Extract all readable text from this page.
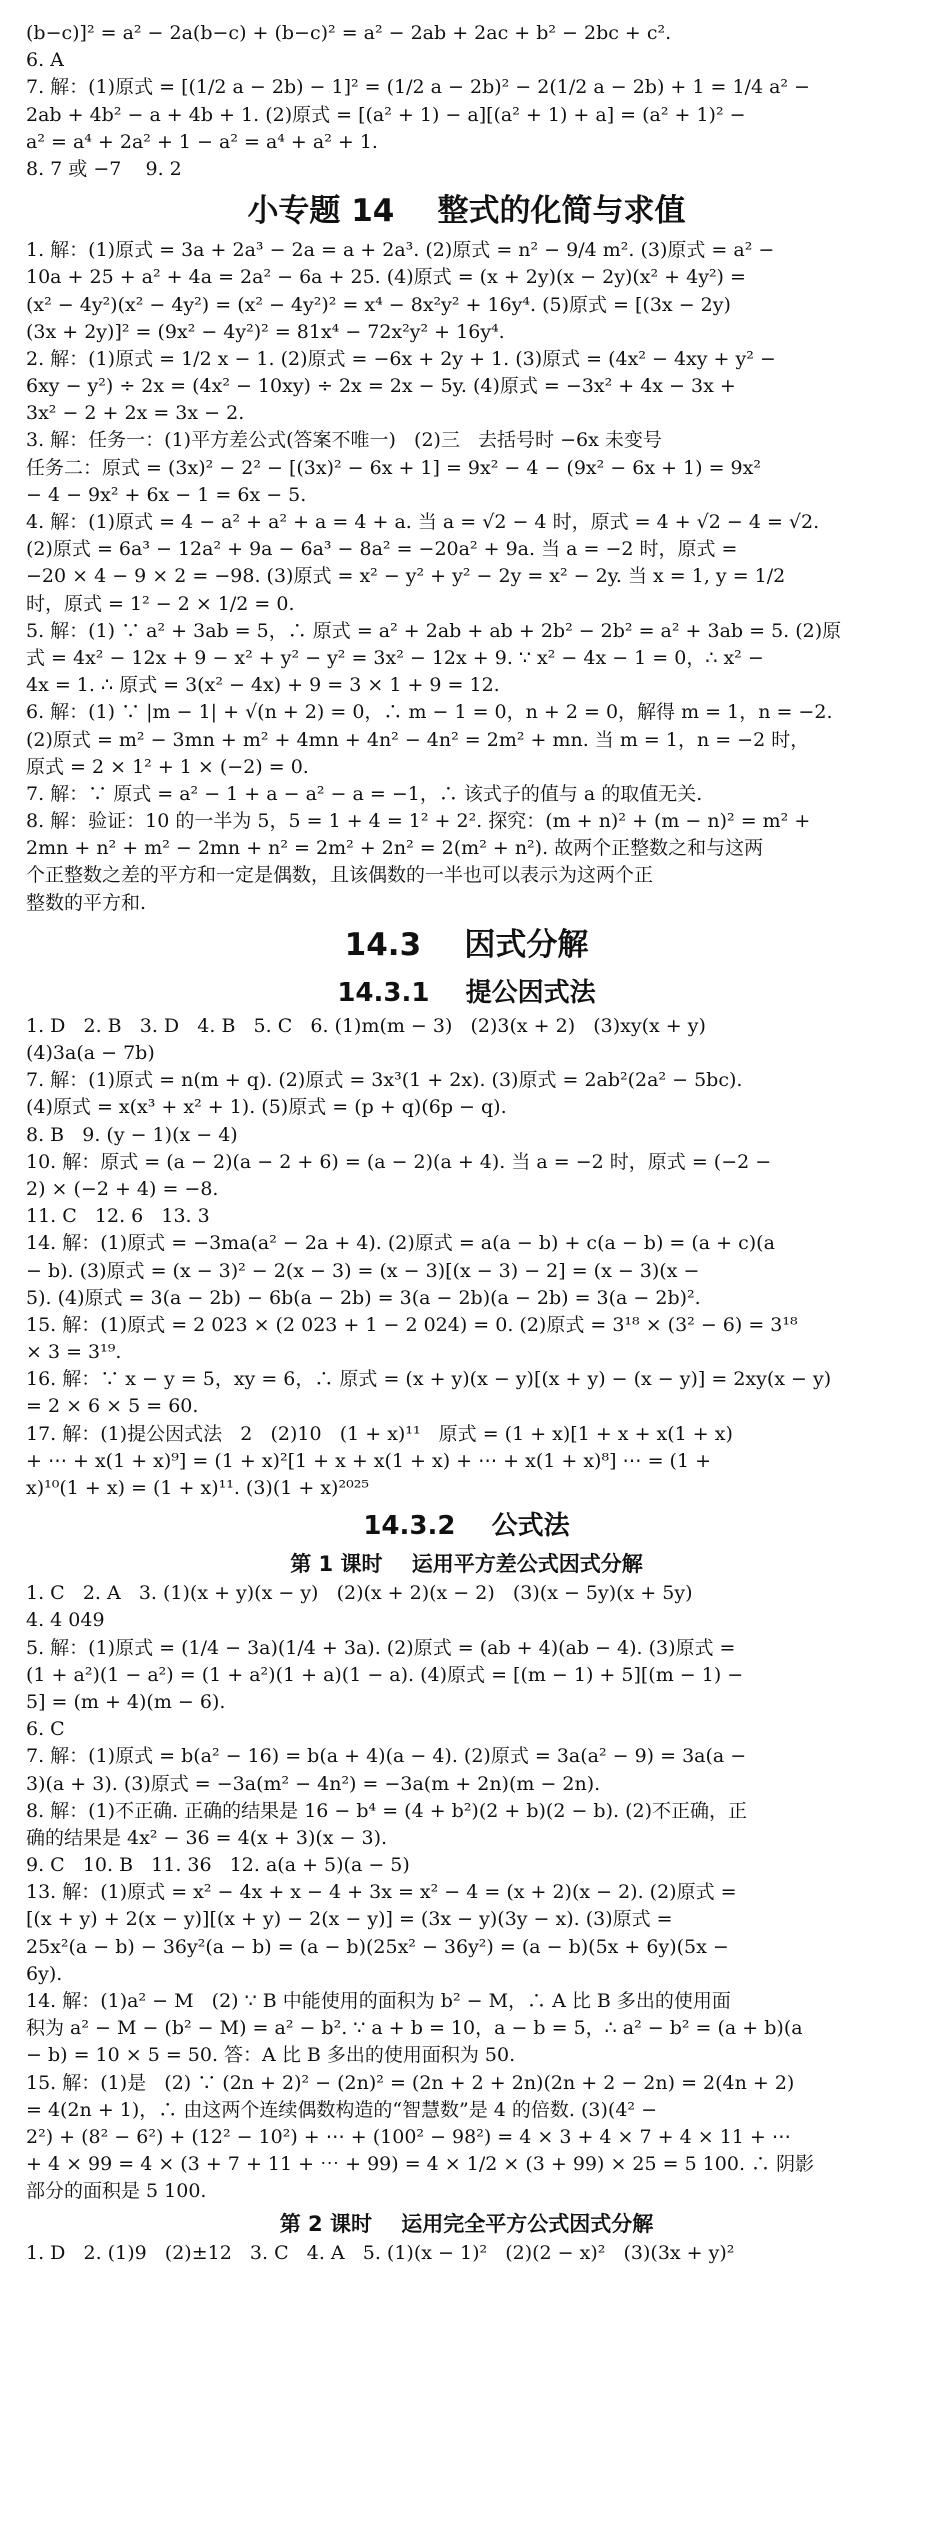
(b−c)]² = a² − 2a(b−c) + (b−c)² = a² − 2ab + 2ac + b² − 2bc + c².
6. A
7. 解：(1)原式 = [(1/2 a − 2b) − 1]² = (1/2 a − 2b)² − 2(1/2 a − 2b) + 1 = 1/4 a² −
2ab + 4b² − a + 4b + 1. (2)原式 = [(a² + 1) − a][(a² + 1) + a] = (a² + 1)² −
a² = a⁴ + 2a² + 1 − a² = a⁴ + a² + 1.
8. 7 或 −7    9. 2
小专题 14    整式的化简与求值
1. 解：(1)原式 = 3a + 2a³ − 2a = a + 2a³. (2)原式 = n² − 9/4 m². (3)原式 = a² −
10a + 25 + a² + 4a = 2a² − 6a + 25. (4)原式 = (x + 2y)(x − 2y)(x² + 4y²) =
(x² − 4y²)(x² − 4y²) = (x² − 4y²)² = x⁴ − 8x²y² + 16y⁴. (5)原式 = [(3x − 2y)
(3x + 2y)]² = (9x² − 4y²)² = 81x⁴ − 72x²y² + 16y⁴.
2. 解：(1)原式 = 1/2 x − 1. (2)原式 = −6x + 2y + 1. (3)原式 = (4x² − 4xy + y² −
6xy − y²) ÷ 2x = (4x² − 10xy) ÷ 2x = 2x − 5y. (4)原式 = −3x² + 4x − 3x +
3x² − 2 + 2x = 3x − 2.
3. 解：任务一：(1)平方差公式(答案不唯一)   (2)三   去括号时 −6x 未变号
任务二：原式 = (3x)² − 2² − [(3x)² − 6x + 1] = 9x² − 4 − (9x² − 6x + 1) = 9x²
− 4 − 9x² + 6x − 1 = 6x − 5.
4. 解：(1)原式 = 4 − a² + a² + a = 4 + a. 当 a = √2 − 4 时，原式 = 4 + √2 − 4 = √2.
(2)原式 = 6a³ − 12a² + 9a − 6a³ − 8a² = −20a² + 9a. 当 a = −2 时，原式 =
−20 × 4 − 9 × 2 = −98. (3)原式 = x² − y² + y² − 2y = x² − 2y. 当 x = 1, y = 1/2
时，原式 = 1² − 2 × 1/2 = 0.
5. 解：(1) ∵ a² + 3ab = 5，∴ 原式 = a² + 2ab + ab + 2b² − 2b² = a² + 3ab = 5. (2)原
式 = 4x² − 12x + 9 − x² + y² − y² = 3x² − 12x + 9. ∵ x² − 4x − 1 = 0，∴ x² −
4x = 1. ∴ 原式 = 3(x² − 4x) + 9 = 3 × 1 + 9 = 12.
6. 解：(1) ∵ |m − 1| + √(n + 2) = 0，∴ m − 1 = 0，n + 2 = 0，解得 m = 1，n = −2.
(2)原式 = m² − 3mn + m² + 4mn + 4n² − 4n² = 2m² + mn. 当 m = 1，n = −2 时，
原式 = 2 × 1² + 1 × (−2) = 0.
7. 解：∵ 原式 = a² − 1 + a − a² − a = −1，∴ 该式子的值与 a 的取值无关.
8. 解：验证：10 的一半为 5，5 = 1 + 4 = 1² + 2². 探究：(m + n)² + (m − n)² = m² +
2mn + n² + m² − 2mn + n² = 2m² + 2n² = 2(m² + n²). 故两个正整数之和与这两
个正整数之差的平方和一定是偶数，且该偶数的一半也可以表示为这两个正
整数的平方和.
14.3    因式分解
14.3.1    提公因式法
1. D   2. B   3. D   4. B   5. C   6. (1)m(m − 3)   (2)3(x + 2)   (3)xy(x + y)
(4)3a(a − 7b)
7. 解：(1)原式 = n(m + q). (2)原式 = 3x³(1 + 2x). (3)原式 = 2ab²(2a² − 5bc).
(4)原式 = x(x³ + x² + 1). (5)原式 = (p + q)(6p − q).
8. B   9. (y − 1)(x − 4)
10. 解：原式 = (a − 2)(a − 2 + 6) = (a − 2)(a + 4). 当 a = −2 时，原式 = (−2 −
2) × (−2 + 4) = −8.
11. C   12. 6   13. 3
14. 解：(1)原式 = −3ma(a² − 2a + 4). (2)原式 = a(a − b) + c(a − b) = (a + c)(a
− b). (3)原式 = (x − 3)² − 2(x − 3) = (x − 3)[(x − 3) − 2] = (x − 3)(x −
5). (4)原式 = 3(a − 2b) − 6b(a − 2b) = 3(a − 2b)(a − 2b) = 3(a − 2b)².
15. 解：(1)原式 = 2 023 × (2 023 + 1 − 2 024) = 0. (2)原式 = 3¹⁸ × (3² − 6) = 3¹⁸
× 3 = 3¹⁹.
16. 解：∵ x − y = 5，xy = 6，∴ 原式 = (x + y)(x − y)[(x + y) − (x − y)] = 2xy(x − y)
= 2 × 6 × 5 = 60.
17. 解：(1)提公因式法   2   (2)10   (1 + x)¹¹   原式 = (1 + x)[1 + x + x(1 + x)
+ ⋯ + x(1 + x)⁹] = (1 + x)²[1 + x + x(1 + x) + ⋯ + x(1 + x)⁸] ⋯ = (1 +
x)¹⁰(1 + x) = (1 + x)¹¹. (3)(1 + x)²⁰²⁵
14.3.2    公式法
第 1 课时    运用平方差公式因式分解
1. C   2. A   3. (1)(x + y)(x − y)   (2)(x + 2)(x − 2)   (3)(x − 5y)(x + 5y)
4. 4 049
5. 解：(1)原式 = (1/4 − 3a)(1/4 + 3a). (2)原式 = (ab + 4)(ab − 4). (3)原式 =
(1 + a²)(1 − a²) = (1 + a²)(1 + a)(1 − a). (4)原式 = [(m − 1) + 5][(m − 1) −
5] = (m + 4)(m − 6).
6. C
7. 解：(1)原式 = b(a² − 16) = b(a + 4)(a − 4). (2)原式 = 3a(a² − 9) = 3a(a −
3)(a + 3). (3)原式 = −3a(m² − 4n²) = −3a(m + 2n)(m − 2n).
8. 解：(1)不正确. 正确的结果是 16 − b⁴ = (4 + b²)(2 + b)(2 − b). (2)不正确，正
确的结果是 4x² − 36 = 4(x + 3)(x − 3).
9. C   10. B   11. 36   12. a(a + 5)(a − 5)
13. 解：(1)原式 = x² − 4x + x − 4 + 3x = x² − 4 = (x + 2)(x − 2). (2)原式 =
[(x + y) + 2(x − y)][(x + y) − 2(x − y)] = (3x − y)(3y − x). (3)原式 =
25x²(a − b) − 36y²(a − b) = (a − b)(25x² − 36y²) = (a − b)(5x + 6y)(5x −
6y).
14. 解：(1)a² − M   (2) ∵ B 中能使用的面积为 b² − M，∴ A 比 B 多出的使用面
积为 a² − M − (b² − M) = a² − b². ∵ a + b = 10，a − b = 5，∴ a² − b² = (a + b)(a
− b) = 10 × 5 = 50. 答：A 比 B 多出的使用面积为 50.
15. 解：(1)是   (2) ∵ (2n + 2)² − (2n)² = (2n + 2 + 2n)(2n + 2 − 2n) = 2(4n + 2)
= 4(2n + 1)，∴ 由这两个连续偶数构造的“智慧数”是 4 的倍数. (3)(4² −
2²) + (8² − 6²) + (12² − 10²) + ⋯ + (100² − 98²) = 4 × 3 + 4 × 7 + 4 × 11 + ⋯
+ 4 × 99 = 4 × (3 + 7 + 11 + ⋯ + 99) = 4 × 1/2 × (3 + 99) × 25 = 5 100. ∴ 阴影
部分的面积是 5 100.
第 2 课时    运用完全平方公式因式分解
1. D   2. (1)9   (2)±12   3. C   4. A   5. (1)(x − 1)²   (2)(2 − x)²   (3)(3x + y)²
